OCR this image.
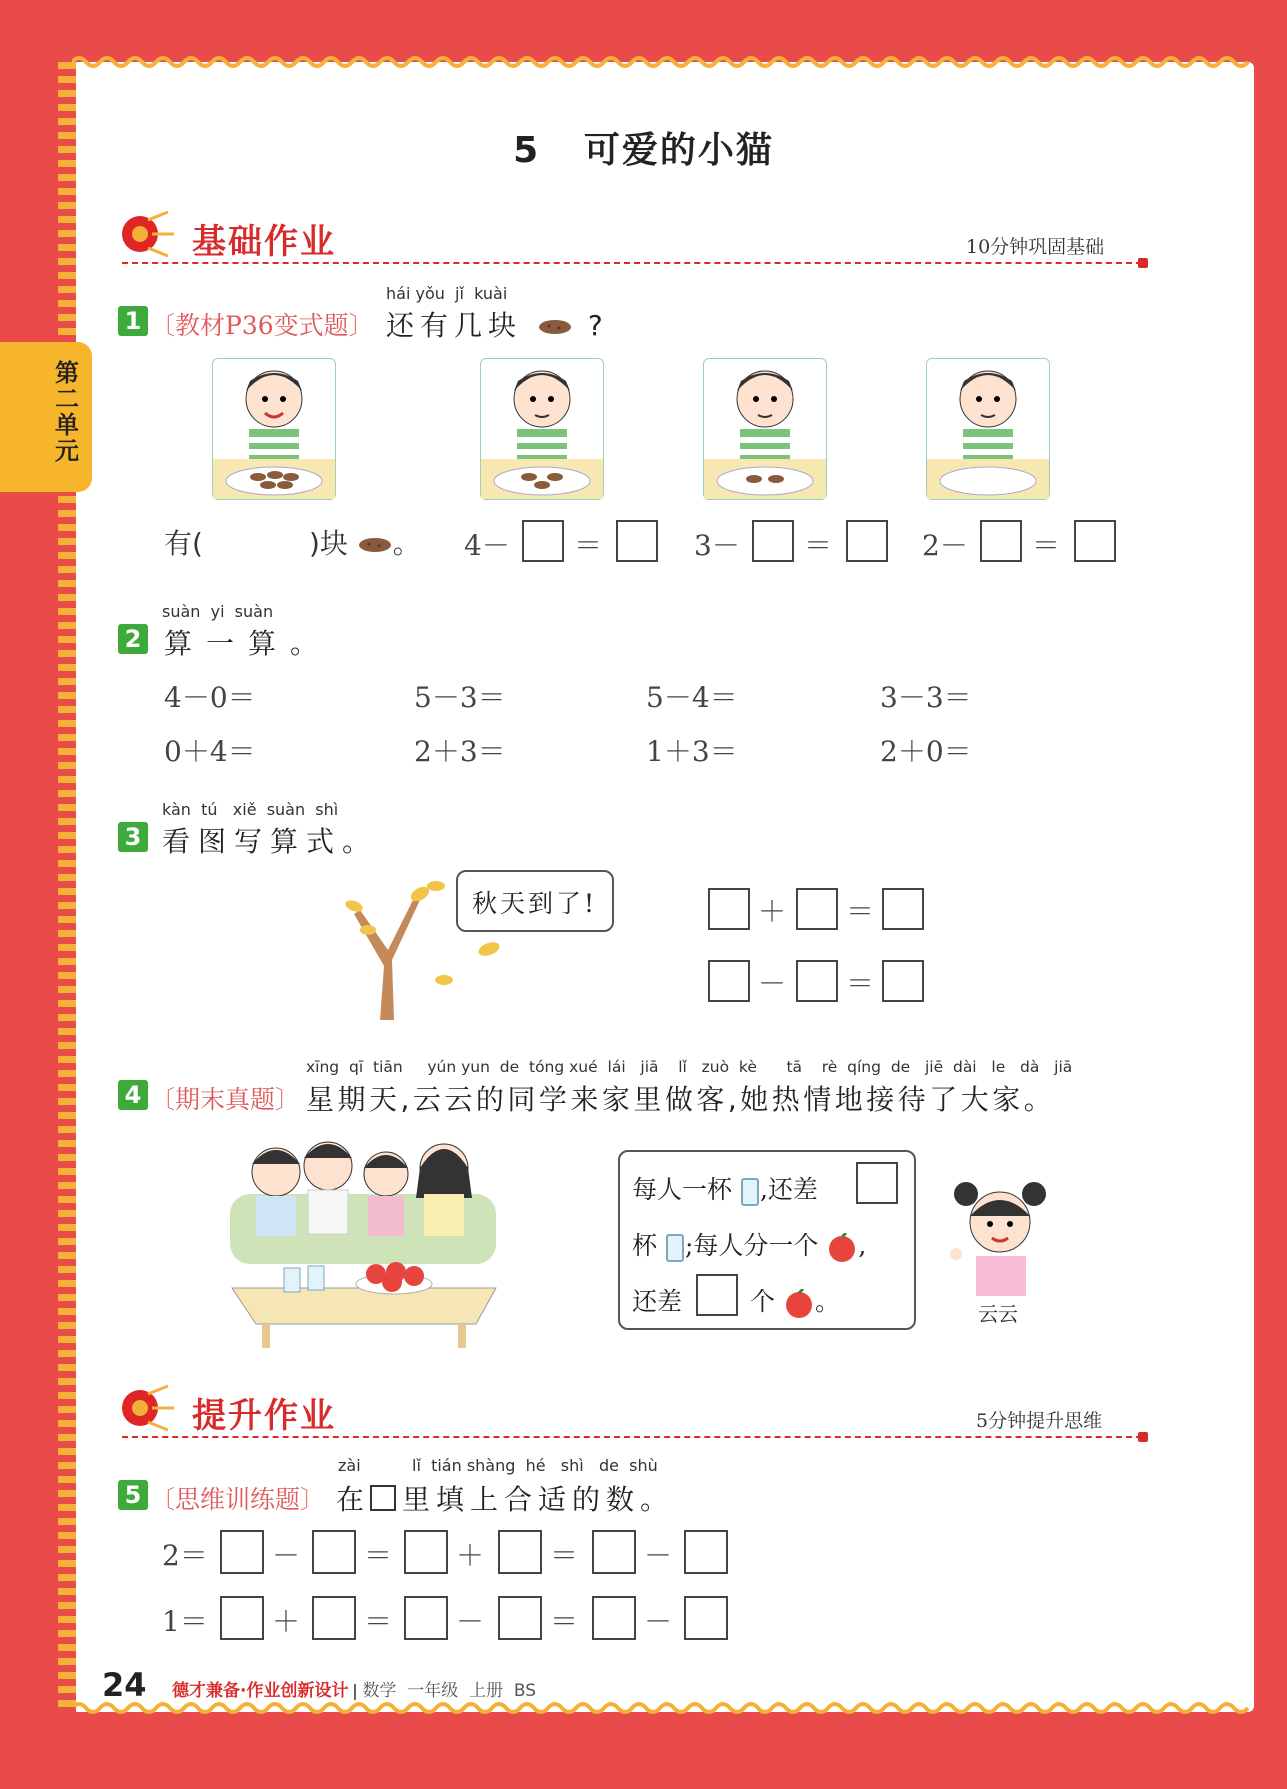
5   可爱的小猫
第二单元
基础作业	10分钟巩固基础
1 〔教材P36变式题〕
hái yǒu  jǐ  kuài
还有几块 ?
有(	)块 。 4－ ＝	3－ ＝	2－ ＝
suàn  yi  suàn
2 算一算。
4－0＝	5－3＝	5－4＝	3－3＝
0＋4＝	2＋3＝	1＋3＝	2＋0＝
kàn  tú   xiě  suàn  shì
3 看图写算式。
秋天到了!	＋ ＝
－ ＝
xīng  qī  tiān     yún yun  de  tóng xué  lái   jiā    lǐ   zuò  kè      tā    rè  qíng  de   jiē  dài   le   dà   jiā
4 〔期末真题〕 星期天,云云的同学来家里做客,她热情地接待了大家。
每人一杯 ,还差
杯 ;每人分一个 ,
还差	个 。	云云
提升作业	5分钟提升思维
zài	lǐ  tián shàng  hé   shì   de  shù
5 〔思维训练题〕 在 里填上合适的数。
2＝ － ＝ ＋ ＝ －
1＝ ＋ ＝ － ＝ －
24 德才兼备·作业创新设计 数学  一年级  上册  BS
